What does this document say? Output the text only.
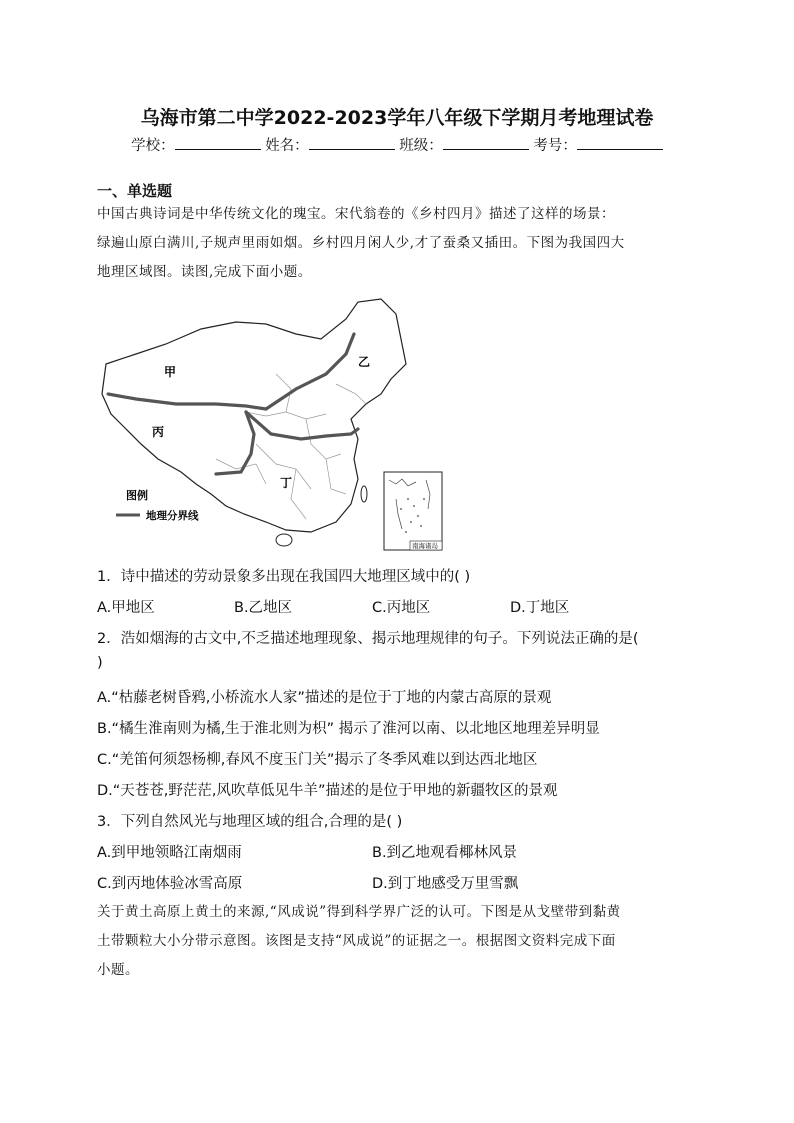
乌海市第二中学2022-2023学年八年级下学期月考地理试卷
学校：	姓名：	班级：	考号：
一、单选题
中国古典诗词是中华传统文化的瑰宝。宋代翁卷的《乡村四月》描述了这样的场景：
绿遍山原白满川,子规声里雨如烟。乡村四月闲人少,才了蚕桑又插田。下图为我国四大
地理区域图。读图,完成下面小题。
甲
乙
丙
丁
图例
地理分界线
南海诸岛
1．诗中描述的劳动景象多出现在我国四大地理区域中的( )
A.甲地区	B.乙地区	C.丙地区	D.丁地区
2．浩如烟海的古文中,不乏描述地理现象、揭示地理规律的句子。下列说法正确的是(
)
A.“枯藤老树昏鸦,小桥流水人家”描述的是位于丁地的内蒙古高原的景观
B.“橘生淮南则为橘,生于淮北则为枳” 揭示了淮河以南、以北地区地理差异明显
C.“羌笛何须怨杨柳,春风不度玉门关”揭示了冬季风难以到达西北地区
D.“天苍苍,野茫茫,风吹草低见牛羊”描述的是位于甲地的新疆牧区的景观
3．下列自然风光与地理区域的组合,合理的是( )
A.到甲地领略江南烟雨	B.到乙地观看椰林风景
C.到丙地体验冰雪高原	D.到丁地感受万里雪飘
关于黄土高原上黄土的来源,“风成说”得到科学界广泛的认可。下图是从戈壁带到黏黄
土带颗粒大小分带示意图。该图是支持“风成说”的证据之一。根据图文资料完成下面
小题。
